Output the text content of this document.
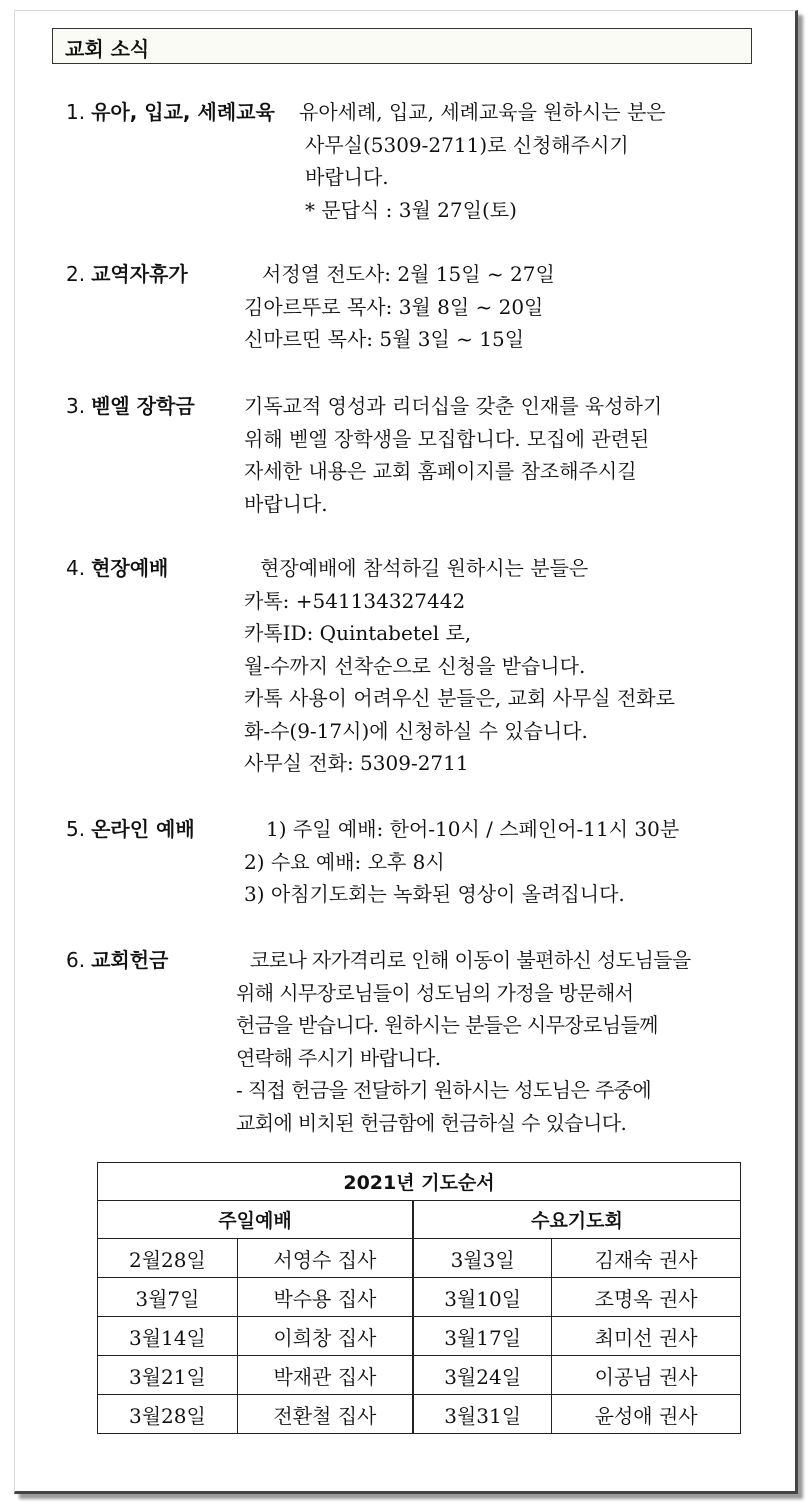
교회 소식
1. 유아, 입교, 세례교육 유아세례, 입교, 세례교육을 원하시는 분은
사무실(5309-2711)로 신청해주시기
바랍니다.
* 문답식 : 3월 27일(토)
2. 교역자휴가	서정열 전도사: 2월 15일 ~ 27일
김아르뚜로 목사: 3월 8일 ~ 20일
신마르띤 목사: 5월 3일 ~ 15일
3. 벧엘 장학금 기독교적 영성과 리더십을 갖춘 인재를 육성하기
위해 벧엘 장학생을 모집합니다. 모집에 관련된
자세한 내용은 교회 홈페이지를 참조해주시길
바랍니다.
4. 현장예배	현장예배에 참석하길 원하시는 분들은
카톡: +541134327442
카톡ID: Quintabetel 로,
월-수까지 선착순으로 신청을 받습니다.
카톡 사용이 어려우신 분들은, 교회 사무실 전화로
화-수(9-17시)에 신청하실 수 있습니다.
사무실 전화: 5309-2711
5. 온라인 예배	1) 주일 예배: 한어-10시 / 스페인어-11시 30분
2) 수요 예배: 오후 8시
3) 아침기도회는 녹화된 영상이 올려집니다.
6. 교회헌금	코로나 자가격리로 인해 이동이 불편하신 성도님들을
위해 시무장로님들이 성도님의 가정을 방문해서
헌금을 받습니다. 원하시는 분들은 시무장로님들께
연락해 주시기 바랍니다.
- 직접 헌금을 전달하기 원하시는 성도님은 주중에
교회에 비치된 헌금함에 헌금하실 수 있습니다.
2021년 기도순서			
주일예배		수요기도회	
2월28일	서영수 집사	3월3일	김재숙 권사
3월7일	박수용 집사	3월10일	조명옥 권사
3월14일	이희창 집사	3월17일	최미선 권사
3월21일	박재관 집사	3월24일	이공님 권사
3월28일	전환철 집사	3월31일	윤성애 권사
